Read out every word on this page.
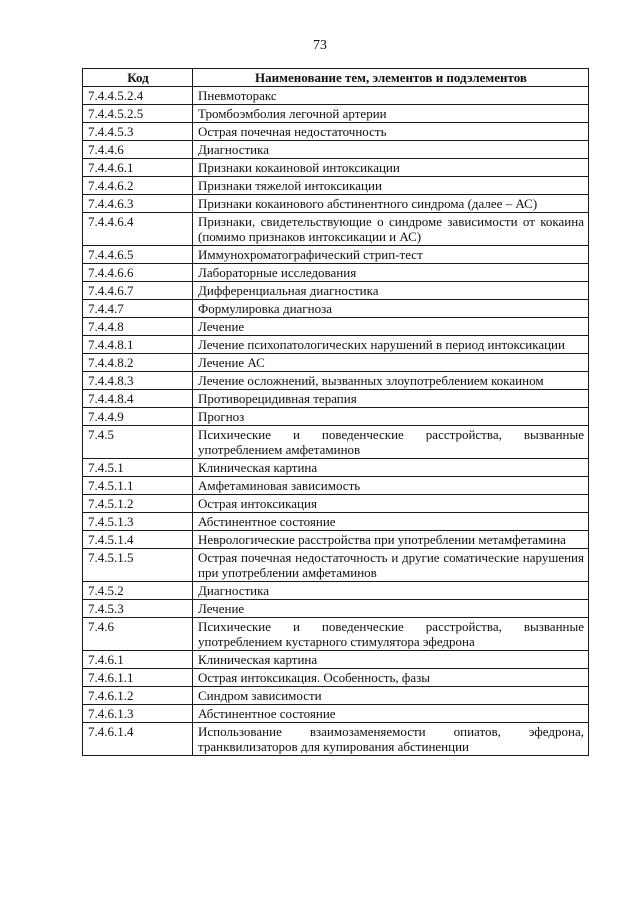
73
Код	Наименование тем, элементов и подэлементов
7.4.4.5.2.4	Пневмоторакс
7.4.4.5.2.5	Тромбоэмболия легочной артерии
7.4.4.5.3	Острая почечная недостаточность
7.4.4.6	Диагностика
7.4.4.6.1	Признаки кокаиновой интоксикации
7.4.4.6.2	Признаки тяжелой интоксикации
7.4.4.6.3	Признаки кокаинового абстинентного синдрома (далее – АС)
7.4.4.6.4	Признаки, свидетельствующие о синдроме зависимости от кокаина (помимо признаков интоксикации и АС)
7.4.4.6.5	Иммунохроматографический стрип-тест
7.4.4.6.6	Лабораторные исследования
7.4.4.6.7	Дифференциальная диагностика
7.4.4.7	Формулировка диагноза
7.4.4.8	Лечение
7.4.4.8.1	Лечение психопатологических нарушений в период интоксикации
7.4.4.8.2	Лечение АС
7.4.4.8.3	Лечение осложнений, вызванных злоупотреблением кокаином
7.4.4.8.4	Противорецидивная терапия
7.4.4.9	Прогноз
7.4.5	Психические и поведенческие расстройства, вызванные употреблением амфетаминов
7.4.5.1	Клиническая картина
7.4.5.1.1	Амфетаминовая зависимость
7.4.5.1.2	Острая интоксикация
7.4.5.1.3	Абстинентное состояние
7.4.5.1.4	Неврологические расстройства при употреблении метамфетамина
7.4.5.1.5	Острая почечная недостаточность и другие соматические нарушения при употреблении амфетаминов
7.4.5.2	Диагностика
7.4.5.3	Лечение
7.4.6	Психические и поведенческие расстройства, вызванные употреблением кустарного стимулятора эфедрона
7.4.6.1	Клиническая картина
7.4.6.1.1	Острая интоксикация. Особенность, фазы
7.4.6.1.2	Синдром зависимости
7.4.6.1.3	Абстинентное состояние
7.4.6.1.4	Использование взаимозаменяемости опиатов, эфедрона, транквилизаторов для купирования абстиненции
